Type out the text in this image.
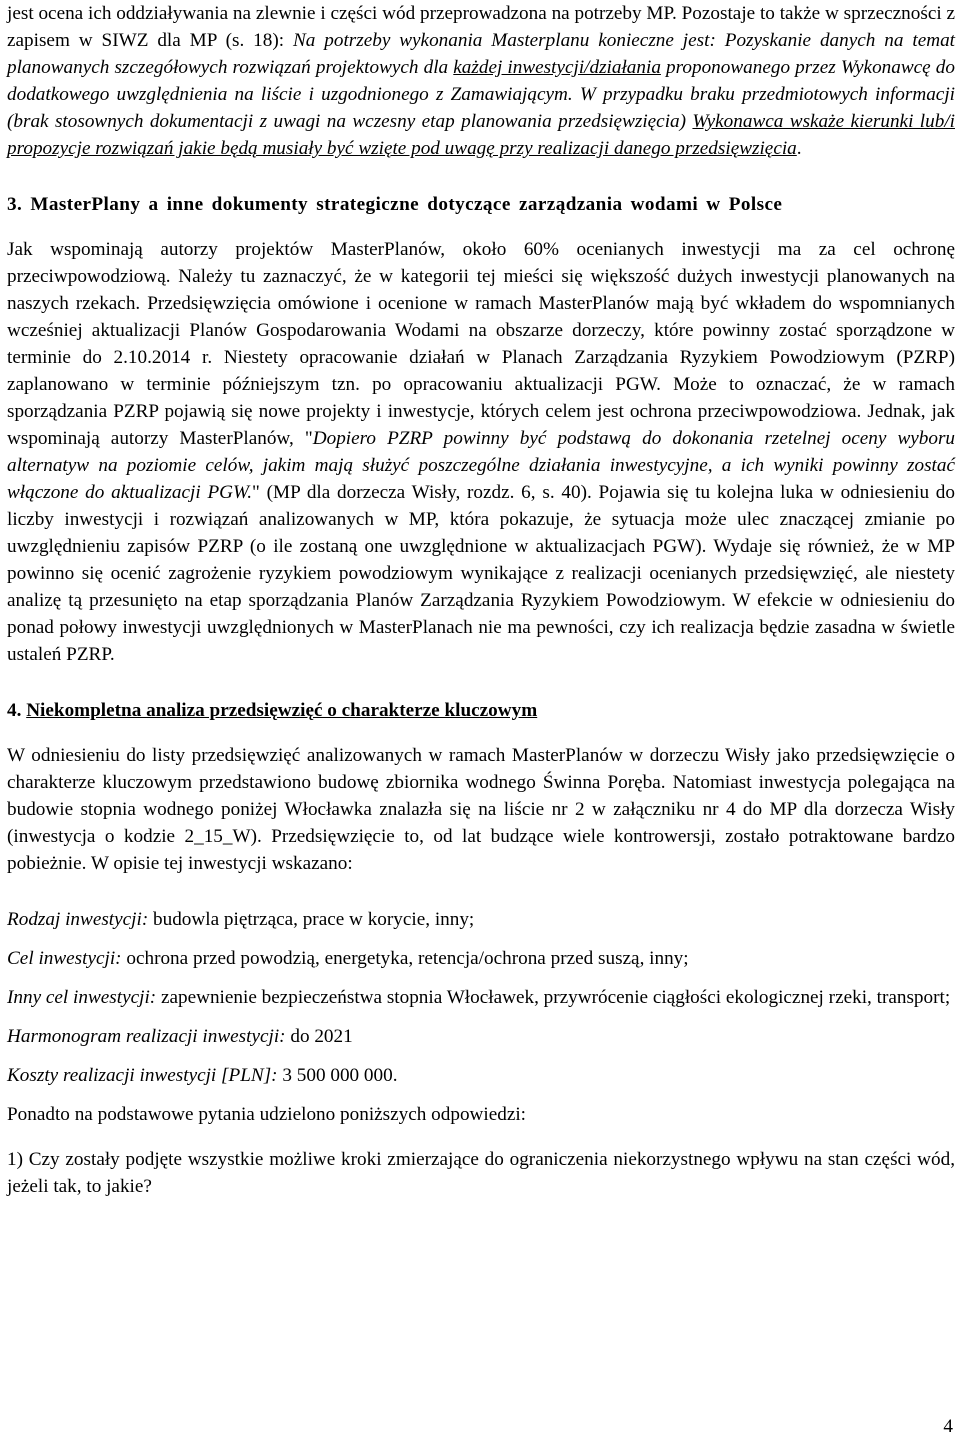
jest ocena ich oddziaływania na zlewnie i części wód przeprowadzona na potrzeby MP. Pozostaje to także w sprzeczności z zapisem w SIWZ dla MP (s. 18): Na potrzeby wykonania Masterplanu konieczne jest: Pozyskanie danych na temat planowanych szczegółowych rozwiązań projektowych dla każdej inwestycji/działania proponowanego przez Wykonawcę do dodatkowego uwzględnienia na liście i uzgodnionego z Zamawiającym. W przypadku braku przedmiotowych informacji (brak stosownych dokumentacji z uwagi na wczesny etap planowania przedsięwzięcia) Wykonawca wskaże kierunki lub/i propozycje rozwiązań jakie będą musiały być wzięte pod uwagę przy realizacji danego przedsięwzięcia.

3. MasterPlany a inne dokumenty strategiczne dotyczące zarządzania wodami w Polsce

Jak wspominają autorzy projektów MasterPlanów, około 60% ocenianych inwestycji ma za cel ochronę przeciwpowodziową. Należy tu zaznaczyć, że w kategorii tej mieści się większość dużych inwestycji planowanych na naszych rzekach. Przedsięwzięcia omówione i ocenione w ramach MasterPlanów mają być wkładem do wspomnianych wcześniej aktualizacji Planów Gospodarowania Wodami na obszarze dorzeczy, które powinny zostać sporządzone w terminie do 2.10.2014 r. Niestety opracowanie działań w Planach Zarządzania Ryzykiem Powodziowym (PZRP) zaplanowano w terminie późniejszym tzn. po opracowaniu aktualizacji PGW. Może to oznaczać, że w ramach sporządzania PZRP pojawią się nowe projekty i inwestycje, których celem jest ochrona przeciwpowodziowa. Jednak, jak wspominają autorzy MasterPlanów, "Dopiero PZRP powinny być podstawą do dokonania rzetelnej oceny wyboru alternatyw na poziomie celów, jakim mają służyć poszczególne działania inwestycyjne, a ich wyniki powinny zostać włączone do aktualizacji PGW." (MP dla dorzecza Wisły, rozdz. 6, s. 40). Pojawia się tu kolejna luka w odniesieniu do liczby inwestycji i rozwiązań analizowanych w MP, która pokazuje, że sytuacja może ulec znaczącej zmianie po uwzględnieniu zapisów PZRP (o ile zostaną one uwzględnione w aktualizacjach PGW). Wydaje się również, że w MP powinno się ocenić zagrożenie ryzykiem powodziowym wynikające z realizacji ocenianych przedsięwzięć, ale niestety analizę tą przesunięto na etap sporządzania Planów Zarządzania Ryzykiem Powodziowym. W efekcie w odniesieniu do ponad połowy inwestycji uwzględnionych w MasterPlanach nie ma pewności, czy ich realizacja będzie zasadna w świetle ustaleń PZRP.

4. Niekompletna analiza przedsięwzięć o charakterze kluczowym

W odniesieniu do listy przedsięwzięć analizowanych w ramach MasterPlanów w dorzeczu Wisły jako przedsięwzięcie o charakterze kluczowym przedstawiono budowę zbiornika wodnego Świnna Poręba. Natomiast inwestycja polegająca na budowie stopnia wodnego poniżej Włocławka znalazła się na liście nr 2 w załączniku nr 4 do MP dla dorzecza Wisły (inwestycja o kodzie 2_15_W). Przedsięwzięcie to, od lat budzące wiele kontrowersji, zostało potraktowane bardzo pobieżnie. W opisie tej inwestycji wskazano:

Rodzaj inwestycji: budowla piętrząca, prace w korycie, inny;

Cel inwestycji: ochrona przed powodzią, energetyka, retencja/ochrona przed suszą, inny;

Inny cel inwestycji: zapewnienie bezpieczeństwa stopnia Włocławek, przywrócenie ciągłości ekologicznej rzeki, transport;

Harmonogram realizacji inwestycji: do 2021

Koszty realizacji inwestycji [PLN]: 3 500 000 000.

Ponadto na podstawowe pytania udzielono poniższych odpowiedzi:

1) Czy zostały podjęte wszystkie możliwe kroki zmierzające do ograniczenia niekorzystnego wpływu na stan części wód, jeżeli tak, to jakie?

4
